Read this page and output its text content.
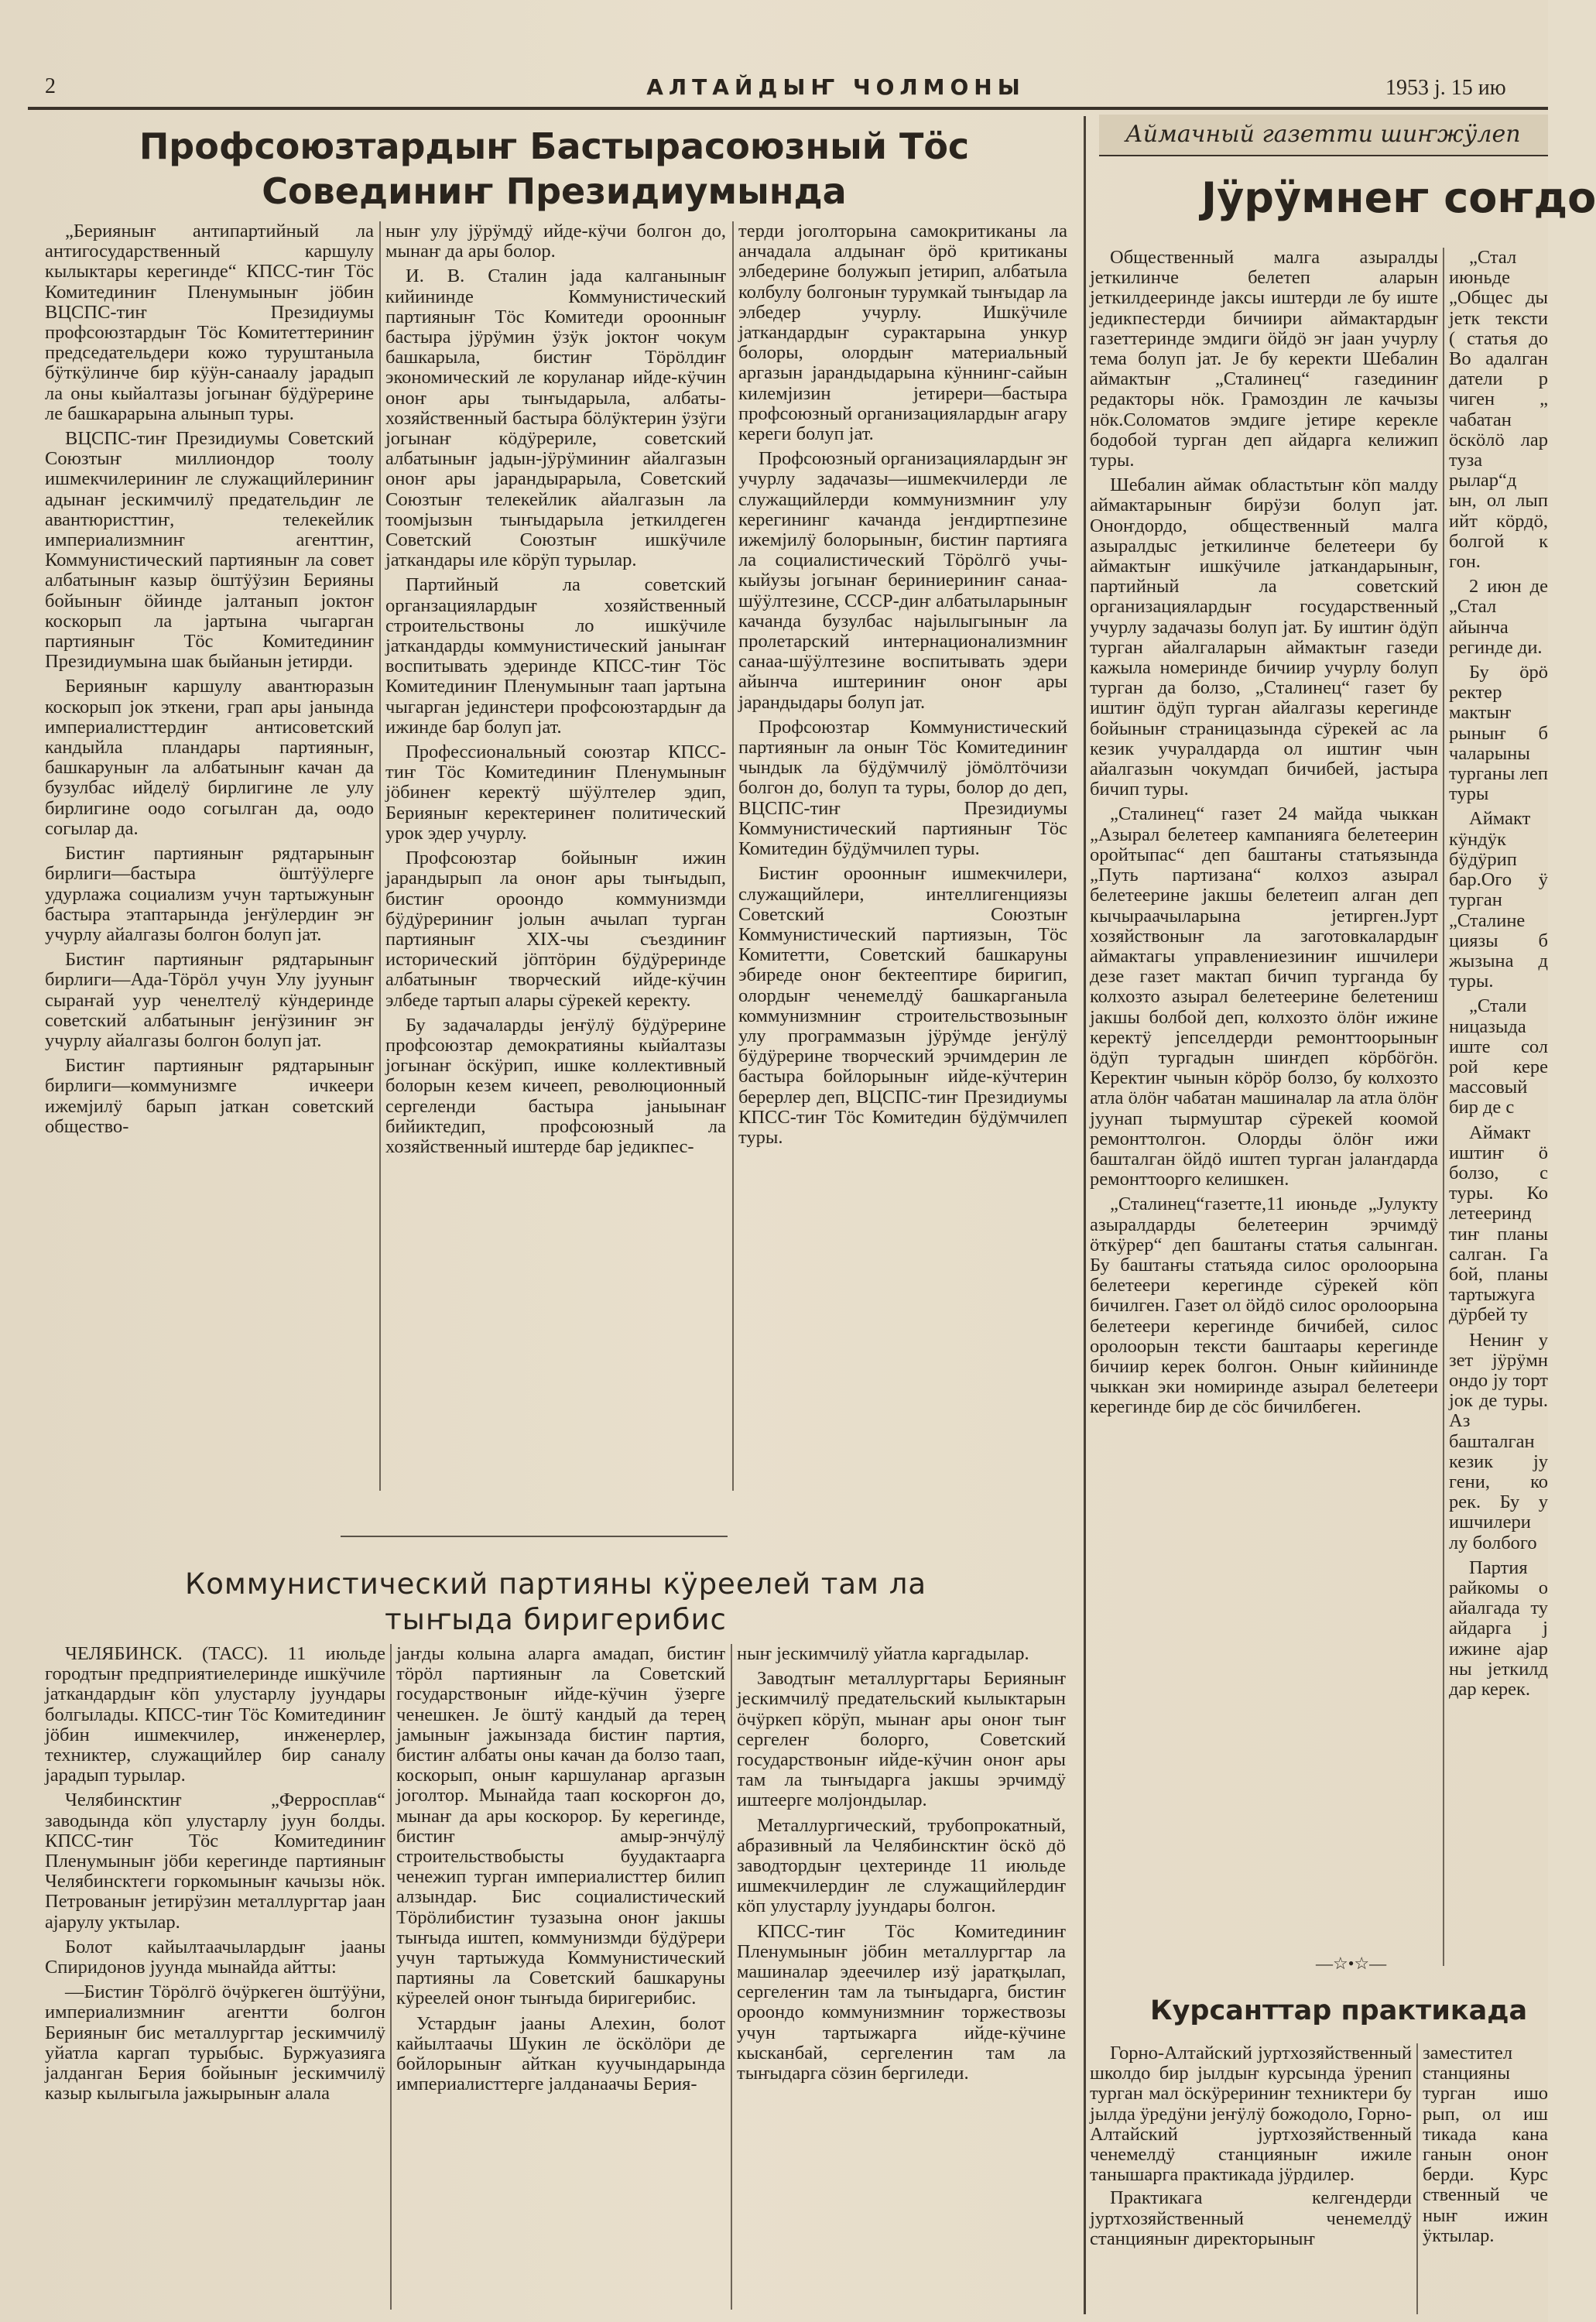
2	АЛТАЙДЫҤ ЧОЛМОНЫ	1953 ј. 15 ию
Профсоюзтардыҥ Бастырасоюзный Тӧс
Совединиҥ Президиумында

„Берияныҥ антипартийный ла антигосударственный каршулу кылыктары керегинде“ КПСС-тиҥ Тӧс Комитединиҥ Пленумыныҥ јӧбин ВЦСПС-тиҥ Президиумы профсоюзтардыҥ Тӧс Комитеттериниҥ председательдери кожо туруштаныла бӱткӱлинче бир кӱӱн-санаалу јарадып ла оны кыйалтазы јогынаҥ бӱдӱрерине ле башкарарына алынып туры.

ВЦСПС-тиҥ Президиумы Советский Союзтыҥ миллиондор тоолу ишмекчилериниҥ ле служащийлериниҥ адынаҥ јескимчилӱ предательдиҥ ле авантюристтиҥ, телекейлик империализмниҥ агенттиҥ, Коммунистический партияныҥ ла совет албатыныҥ казыр ӧштӱӱзин Берияны бойыныҥ ӧйинде јалтанып јоктоҥ коскорып ла јартына чыгарган партияныҥ Тӧс Комитединиҥ Президиумына шак быйанын јетирди.

Берияныҥ каршулу авантюразын коскорып јок эткени, грап ары јанында империалисттердиҥ антисоветский кандыйла пландары партияныҥ, башкаруныҥ ла албатыныҥ качан да бузулбас ийделӱ бирлигине ле улу бирлигине оодо согылган да, оодо согылар да.

Бистиҥ партияныҥ рядтарыныҥ бирлиги—бастыра ӧштӱӱлерге удурлажа социализм учун тартыжуныҥ бастыра этаптарында јеҥӱлердиҥ эҥ учурлу айалгазы болгон болуп јат.

Бистиҥ партияныҥ рядтарыныҥ бирлиги—Ада-Тӧрӧл учун Улу јууныҥ сыраҥай уур ченелтелӱ кӱндеринде советский албатыныҥ јеҥӱзиниҥ эҥ учурлу айалгазы болгон болуп јат.

Бистиҥ партияныҥ рядтарыныҥ бирлиги—коммунизмге ичкеери ижемјилӱ барып јаткан советский общество-

ныҥ улу јӱрӱмдӱ ийде-кӱчи болгон до, мынаҥ да ары болор.

И. В. Сталин јада калганыныҥ кийининде Коммунистический партияныҥ Тӧс Комитеди ороонныҥ бастыра јӱрӱмин ӱзӱк јоктоҥ чокум башкарыла, бистиҥ Тӧрӧлдиҥ экономический ле коруланар ийде-кӱчин оноҥ ары тыҥыдарыла, албаты-хозяйственный бастыра бӧлӱктерин ӱзӱги јогынаҥ кӧдӱрериле, советский албатыныҥ јадын-јӱрӱминиҥ айалгазын оноҥ ары јарандырарыла, Советский Союзтыҥ телекейлик айалгазын ла тоомјызын тыҥыдарыла јеткилдеген Советский Союзтыҥ ишкӱчиле јаткандары иле кӧрӱп турылар.

Партийный ла советский органзациялардыҥ хозяйственный строительствоны ло ишкӱчиле јаткандарды коммунистический јаныҥаҥ воспитывать эдеринде КПСС-тиҥ Тӧс Комитединиҥ Пленумыныҥ таап јартына чыгарган јединстери профсоюзтардыҥ да ижинде бар болуп јат.

Профессиональный союзтар КПСС-тиҥ Тӧс Комитединиҥ Пленумыныҥ јӧбинеҥ керектӱ шӱӱлтелер эдип, Берияныҥ керектеринеҥ политический урок эдер учурлу.

Профсоюзтар бойыныҥ ижин јарандырып ла оноҥ ары тыҥыдып, бистиҥ ороондо коммунизмди бӱдӱрериниҥ јолын ачылап турган партияныҥ XIX-чы съездиниҥ исторический јӧптӧрин бӱдӱреринде албатыныҥ творческий ийде-кӱчин элбеде тартып алары сӱрекей керекту.

Бу задачаларды јеҥӱлӱ бӱдӱрерине профсоюзтар демократияны кыйалтазы јогынаҥ ӧскӱрип, ишке коллективный болорын кезем кичееп, революционный сергеленди бастыра јаныынаҥ бийиктедип, профсоюзный ла хозяйственный иштерде бар једикпес-

терди јоголторына самокритиканы ла анчадала алдынаҥ ӧрӧ критиканы элбедерине болужып јетирип, албатыла колбулу болгоныҥ турумкай тыҥыдар ла элбедер учурлу. Ишкӱчиле јаткандардыҥ сурактарына ункур болоры, олордыҥ материальный аргазын јарандыдарына кӱннинг-сайын килемјизин јетирери—бастыра профсоюзный организациялардыҥ агару кереги болуп јат.

Профсоюзный организациялардыҥ эҥ учурлу задачазы—ишмекчилерди ле служащийлерди коммунизмниҥ улу керегининг качанда јеҥдиртпезине ижемјилӱ болорыныҥ, бистиҥ партияга ла социалистический Тӧрӧлгӧ учы-кыйузы јогынаҥ бериниериниҥ санаа-шӱӱлтезине, СССР-диҥ албатыларыныҥ качанда бузулбас најылыгыныҥ ла пролетарский интернационализмниҥ санаа-шӱӱлтезине воспитывать эдери айынча иштериниҥ оноҥ ары јарандыдары болуп јат.

Профсоюзтар Коммунистический партияныҥ ла оныҥ Тӧс Комитединиҥ чындык ла бӱдӱмчилӱ јӧмӧлтӧчизи болгон до, болуп та туры, болор до деп, ВЦСПС-тиҥ Президиумы Коммунистический партияныҥ Тӧс Комитедин бӱдӱмчилеп туры.

Бистиҥ ороонныҥ ишмекчилери, служащийлери, интеллигенциязы Советский Союзтыҥ Коммунистический партиязын, Тӧс Комитетти, Советский башкаруны эбиреде оноҥ бектеептире биригип, олордыҥ ченемелдӱ башкарганыла коммунизмниҥ строительствозыныҥ улу программазын јӱрӱмде јеҥӱлӱ бӱдӱрерине творческий эрчимдерин ле бастыра бойлорыныҥ ийде-кӱчтерин берерлер деп, ВЦСПС-тиҥ Президиумы КПСС-тиҥ Тӧс Комитедин бӱдӱмчилеп туры.

Коммунистический партияны кӱреелей там ла
тыҥыда биригерибис

ЧЕЛЯБИНСК. (ТАСС). 11 июльде городтыҥ предприятиелеринде ишкӱчиле јаткандардыҥ кӧп улустарлу јуундары болгылады. КПСС-тиҥ Тӧс Комитединиҥ јӧбин ишмекчилер, инженерлер, техниктер, служащийлер бир саналу јарадып турылар.

Челябинсктиҥ „Ферросплав“ заводында кӧп улустарлу јуун болды. КПСС-тиҥ Тӧс Комитединиҥ Пленумыныҥ јӧби керегинде партияныҥ Челябинсктеги горкомыныҥ качызы нӧк. Петрованыҥ јетирӱзин металлургтар јаан ајарулу уктылар.

Болот кайылтаачылардыҥ јааны Спиридонов јуунда мынайда айтты:

—Бистиҥ Тӧрӧлгӧ ӧчӱркеген ӧштӱӱни, империализмниҥ агентти болгон Берияныҥ бис металлургтар јескимчилӱ уйатла каргап турыбыс. Буржуазияга јалданган Берия бойыныҥ јескимчилӱ казыр кылыгыла јажырыныҥ алала

јаҥды колына аларга амадап, бистиҥ тӧрӧл партияныҥ ла Советский государствоныҥ ийде-кӱчин ӱзерге ченешкен. Је ӧштӱ кандый да терең јамыныҥ јажынзада бистиҥ партия, бистиҥ албаты оны качан да болзо таап, коскорып, оныҥ каршуланар аргазын јоголтор. Мынайда таап коскорғон до, мынаҥ да ары коскорор. Бу керегинде, бистиҥ амыр-энчӱлӱ строительствобысты буудактаарга ченежип турган империалисттер билип алзындар. Бис социалистический Тӧрӧлибистиҥ тузазына оноҥ јакшы тыҥыда иштеп, коммунизмди бӱдӱрери учун тартыжуда Коммунистический партияны ла Советский башкаруны кӱреелей оноҥ тыҥыда биригерибис.

Устардыҥ јааны Алехин, болот кайылтаачы Шукин ле ӧскӧлӧри де бойлорыныҥ айткан куучындарында империалисттерге јалданаачы Берия-

ныҥ јескимчилӱ уйатла каргадылар.

Заводтыҥ металлургтары Берияныҥ јескимчилӱ предательский кылыктарын ӧчӱркеп кӧрӱп, мынаҥ ары оноҥ тыҥ сергелеҥ болорго, Советский государствоныҥ ийде-кӱчин оноҥ ары там ла тыҥыдарга јакшы эрчимдӱ иштеерге молјондылар.

Металлургический, трубопрокатный, абразивный ла Челябинсктиҥ ӧскӧ дӧ заводтордыҥ цехтеринде 11 июльде ишмекчилердиҥ ле служащийлердиҥ кӧп улустарлу јуундары болгон.

КПСС-тиҥ Тӧс Комитединиҥ Пленумыныҥ јӧбин металлургтар ла машиналар эдеечилер изӱ јаратқылап, сергелеҥин там ла тыҥыдарга, бистиҥ ороондо коммунизмниҥ торжествозы учун тартыжарга ийде-кӱчине кысканбай, сергелеҥин там ла тыҥыдарга сӧзин бергиледи.

Аймачный газетти шиҥжӱлеп
Јӱрӱмнеҥ соҥдо

Общественный малга азыралды јеткилинче белетеп аларын јеткилдееринде јаксы иштерди ле бу иште једикпестерди бичиири аймактардыҥ газеттеринде эмдиги ӧйдӧ эҥ јаан учурлу тема болуп јат. Је бу керекти Шебалин аймактыҥ „Сталинец“ газединиҥ редакторы нӧк. Грамоздин ле качызы нӧк.Соломатов эмдиге јетире керекле бодобой турган деп айдарга келижип туры.

Шебалин аймак областьтыҥ кӧп малду аймактарыныҥ бирӱзи болуп јат. Оноҥдордо, общественный малга азыралдыс јеткилинче белетеери бу аймактыҥ ишкӱчиле јаткандарыныҥ, партийный ла советский организациялардыҥ государственный учурлу задачазы болуп јат. Бу иштиҥ ӧдӱп турган айалгаларын аймактыҥ газеди кажыла номеринде бичиир учурлу болуп турган да болзо, „Сталинец“ газет бу иштиҥ ӧдӱп турган айалгазы керегинде бойыныҥ страницазында сӱрекей ас ла кезик учуралдарда ол иштиҥ чын айалгазын чокумдап бичибей, јастыра бичип туры.

„Сталинец“ газет 24 майда чыккан „Азырал белетеер кампанияга белетеерин оройтыпас“ деп баштаҥы статьязында „Путь партизана“ колхоз азырал белетеерине јакшы белетеип алган деп кычыраачыларына јетирген.Јурт хозяйствоныҥ ла заготовкалардыҥ аймактагы управлениезиниҥ ишчилери дезе газет мактап бичип турганда бу колхозто азырал белетеерине белетениш јакшы болбой деп, колхозто ӧлӧҥ ижине керектӱ јепселдерди ремонттоорыныҥ ӧдӱп тургадын шиҥдеп кӧрбӧгӧн. Керектиҥ чынын кӧрӧр болзо, бу колхозто атла ӧлӧҥ чабатан машиналар ла атла ӧлӧҥ јуунап тырмуштар сӱрекей коомой ремонттолгон. Олорды ӧлӧҥ ижи башталган ӧйдӧ иштеп турган јалаҥдарда ремонттоорго келишкен.

„Сталинец“газетте,11 июньде „Јулукту азыралдарды белетеерин эрчимдӱ ӧткӱрер“ деп баштаҥы статья салынган. Бу баштаҥы статьяда силос оролоорына белетеери керегинде сӱрекей кӧп бичилген. Газет ол ӧйдӧ силос оролоорына белетеери керегинде бичибей, силос оролоорын тексти баштаары керегинде бичиир керек болгон. Оныҥ кийининде чыккан эки номиринде азырал белетеери керегинде бир де сӧс бичилбеген.

„Стал июньде „Общес ды јетк тексти ( статья до Во адалган датели р чиген „ чабатан ӧскӧлӧ лар туза рылар“д ын, ол лып ийт кӧрдӧ, болгой к гон.

2 июн де „Стал айынча регинде ди.

Бу ӧрӧ ректер мактыҥ рыныҥ б чаларыны турганы леп туры

Аймакт кӱндӱк бӱдӱрип бар.Ого ӱ турган „Сталине циязы б жызына д туры.

„Стали ницазыда иште сол рой кере массовый бир де с

Аймакт иштиҥ ӧ болзо, с туры. Ко летееринд тиҥ планы салган. Га бой, планы тартыжуга дӱрбей ту

Нениҥ у зет јӱрӱмн ондо ју торт јок де туры. Аз башталган кезик ју гени, ко рек. Бу у ишчилери лу болбого

Партия райкомы о айалгада ту айдарга ј ижине ајар ны јеткилд дар керек.

—☆•☆—
Курсанттар практикада

Горно-Алтайский јуртхозяйственный школдо бир јылдыҥ курсында ӱренип турган мал ӧскӱрериниҥ техниктери бу јылда ӱредӱни јеҥӱлӱ божодоло, Горно-Алтайский јуртхозяйственный ченемелдӱ станцияныҥ ижиле танышарга практикада јӱрдилер.

Практикага келгендерди јуртхозяйственный ченемелдӱ станцияныҥ директорыныҥ

заместител станцияны турган ишо рып, ол иш тикада кана ганын оноҥ берди. Курс ственный че ныҥ ижин ӱктылар.
